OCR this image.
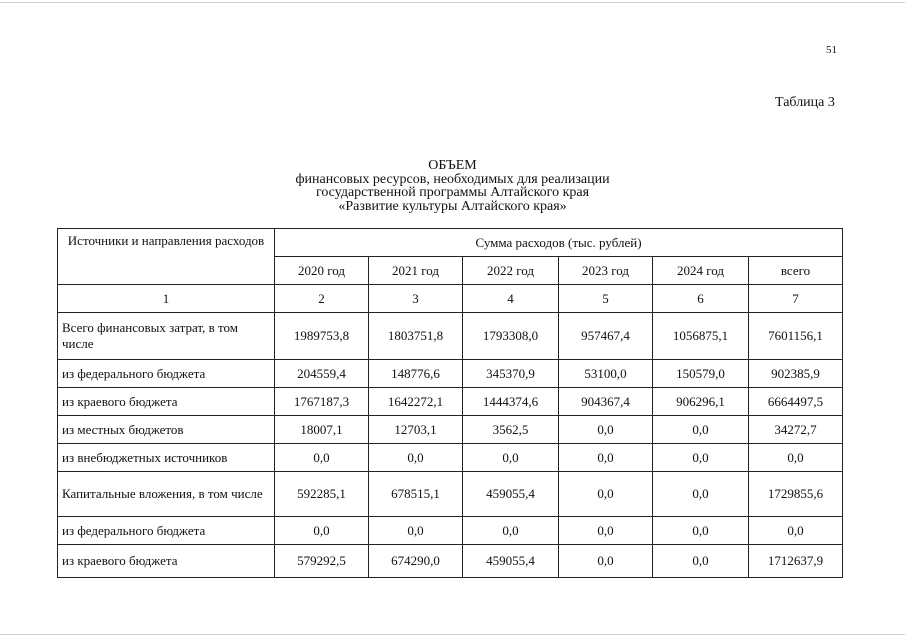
51
Таблица 3
ОБЪЕМ
финансовых ресурсов, необходимых для реализации
государственной программы Алтайского края
«Развитие культуры Алтайского края»
Источники и направления расходов	Сумма расходов (тыс. рублей)					
	2020 год	2021 год	2022 год	2023 год	2024 год	всего
1	2	3	4	5	6	7
Всего финансовых затрат, в том числе	1989753,8	1803751,8	1793308,0	957467,4	1056875,1	7601156,1
из федерального бюджета	204559,4	148776,6	345370,9	53100,0	150579,0	902385,9
из краевого бюджета	1767187,3	1642272,1	1444374,6	904367,4	906296,1	6664497,5
из местных бюджетов	18007,1	12703,1	3562,5	0,0	0,0	34272,7
из внебюджетных источников	0,0	0,0	0,0	0,0	0,0	0,0
Капитальные вложения, в том числе	592285,1	678515,1	459055,4	0,0	0,0	1729855,6
из федерального бюджета	0,0	0,0	0,0	0,0	0,0	0,0
из краевого бюджета	579292,5	674290,0	459055,4	0,0	0,0	1712637,9
